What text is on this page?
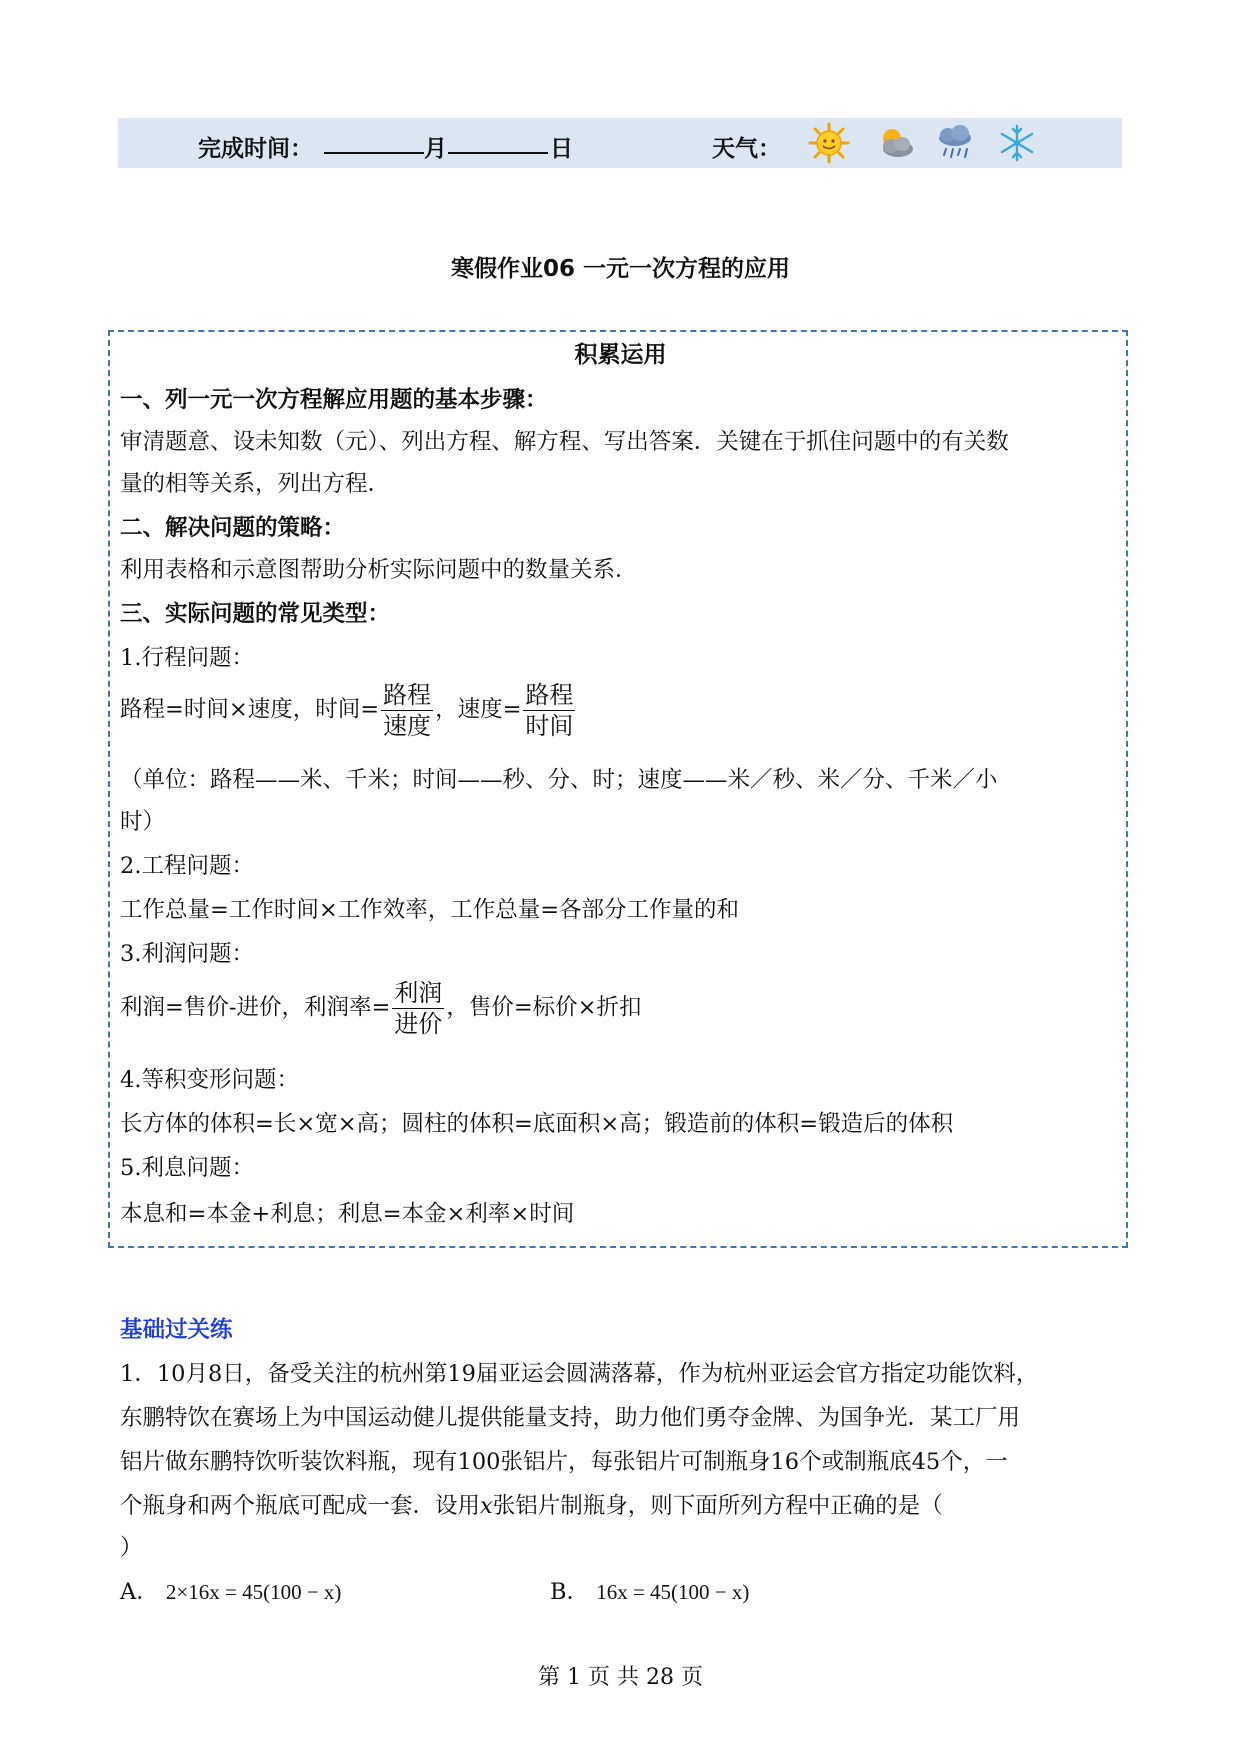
完成时间：	月	日	天气：
寒假作业06 一元一次方程的应用
积累运用
一、列一元一次方程解应用题的基本步骤：
审清题意、设未知数（元）、列出方程、解方程、写出答案．关键在于抓住问题中的有关数
量的相等关系，列出方程．
二、解决问题的策略：
利用表格和示意图帮助分析实际问题中的数量关系．
三、实际问题的常见类型：
1.行程问题：
路程=时间×速度，时间= $\frac{\text{路程}}{\text{速度}}$ ，速度= $\frac{\text{路程}}{\text{时间}}$
（单位：路程——米、千米；时间——秒、分、时；速度——米／秒、米／分、千米／小
时）
2.工程问题：
工作总量=工作时间×工作效率，工作总量=各部分工作量的和
3.利润问题：
利润=售价-进价，利润率= $\frac{\text{利润}}{\text{进价}}$ ，售价=标价×折扣
4.等积变形问题：
长方体的体积=长×宽×高；圆柱的体积=底面积×高；锻造前的体积=锻造后的体积
5.利息问题：
本息和=本金+利息；利息=本金×利率×时间
基础过关练
1．10月8日，备受关注的杭州第19届亚运会圆满落幕，作为杭州亚运会官方指定功能饮料，
东鹏特饮在赛场上为中国运动健儿提供能量支持，助力他们勇夺金牌、为国争光．某工厂用
铝片做东鹏特饮听装饮料瓶，现有100张铝片，每张铝片可制瓶身16个或制瓶底45个，一
个瓶身和两个瓶底可配成一套．设用x张铝片制瓶身，则下面所列方程中正确的是（
）
A． 2×16x = 45(100 − x)	B． 16x = 45(100 − x)
第 1 页 共 28 页
